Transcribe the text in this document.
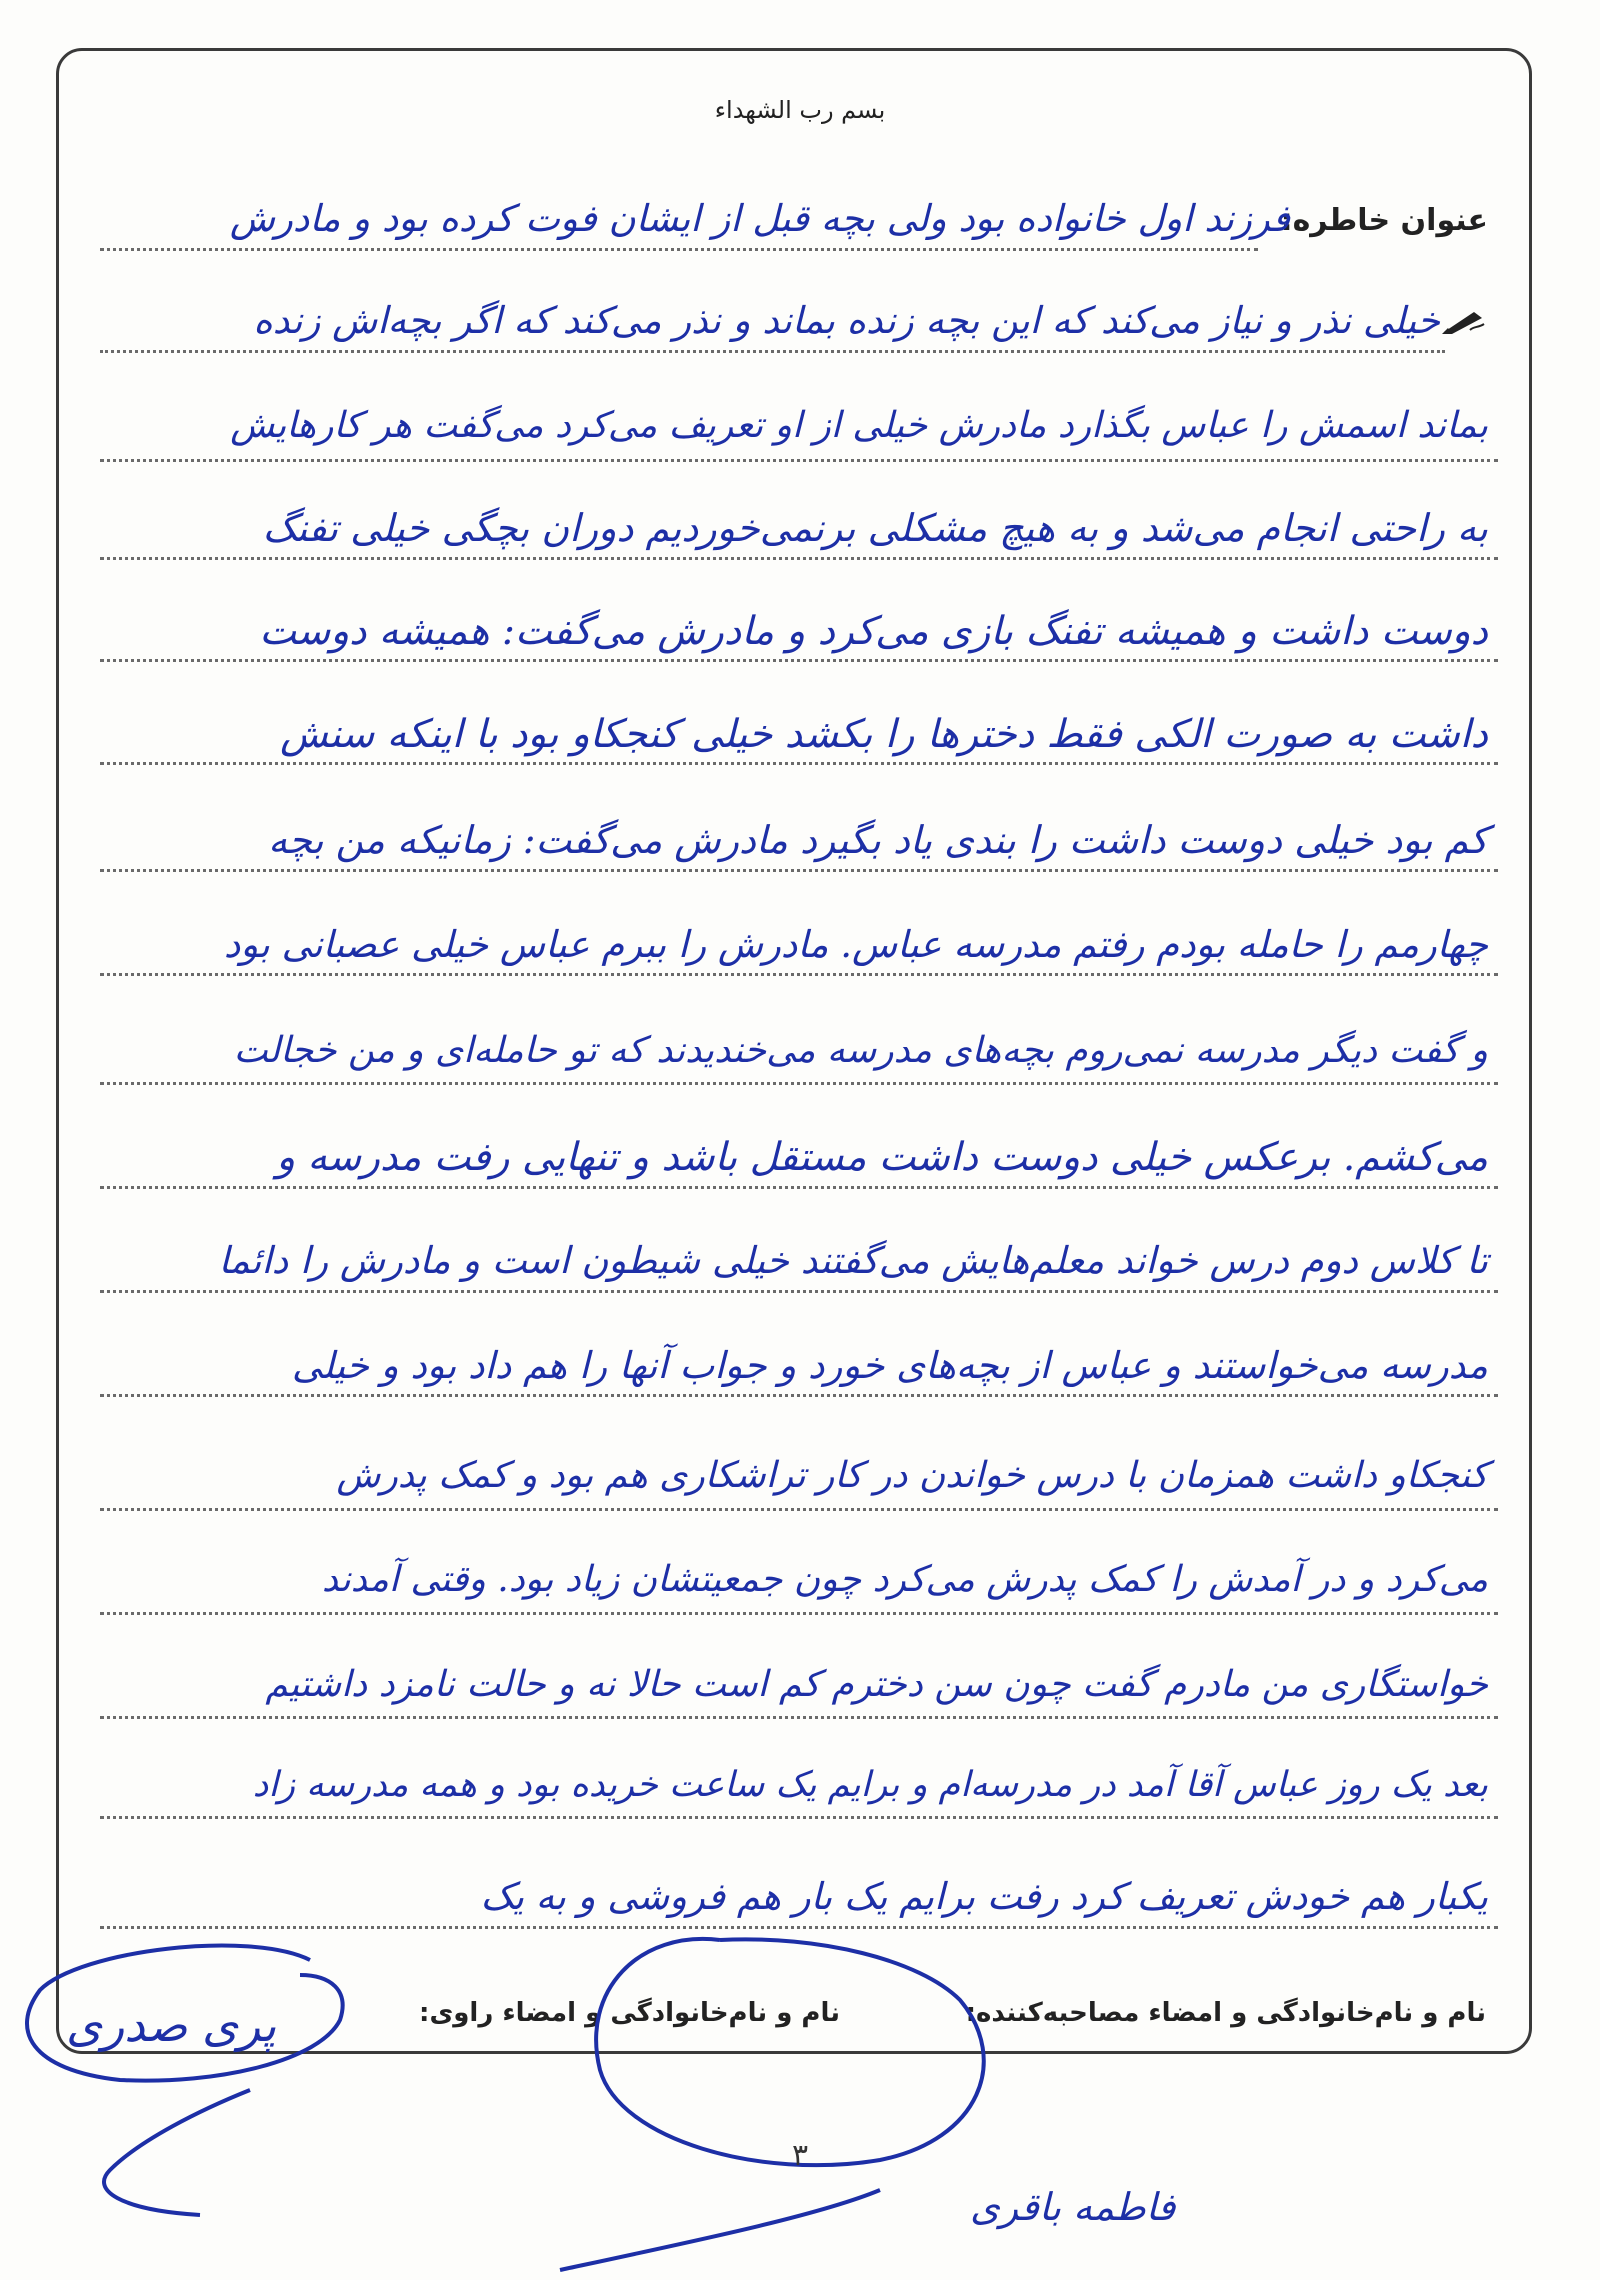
بسم رب الشهداء
عنوان خاطره:
فرزند اول خانواده بود ولی بچه قبل از ایشان فوت کرده بود و مادرش
خیلی نذر و نیاز می‌کند که این بچه زنده بماند و نذر می‌کند که اگر بچه‌اش زنده
بماند اسمش را عباس بگذارد مادرش خیلی از او تعریف می‌کرد می‌گفت هر کارهایش
به راحتی انجام می‌شد و به هیچ مشکلی برنمی‌خوردیم دوران بچگی خیلی تفنگ
دوست داشت و همیشه تفنگ بازی می‌کرد و مادرش می‌گفت: همیشه دوست
داشت به صورت الکی فقط دخترها را بکشد خیلی کنجکاو بود با اینکه سنش
کم بود خیلی دوست داشت را بندی یاد بگیرد مادرش می‌گفت: زمانیکه من بچه
چهارمم را حامله بودم رفتم مدرسه عباس. مادرش را ببرم عباس خیلی عصبانی بود
و گفت دیگر مدرسه نمی‌روم بچه‌های مدرسه می‌خندیدند که تو حامله‌ای و من خجالت
می‌کشم. برعکس خیلی دوست داشت مستقل باشد و تنهایی رفت مدرسه و
تا کلاس دوم درس خواند معلم‌هایش می‌گفتند خیلی شیطون است و مادرش را دائما
مدرسه می‌خواستند و عباس از بچه‌های خورد و جواب آنها را هم داد بود و خیلی
کنجکاو داشت همزمان با درس خواندن در کار تراشکاری هم بود و کمک پدرش
می‌کرد و در آمدش را کمک پدرش می‌کرد چون جمعیتشان زیاد بود. وقتی آمدند
خواستگاری من مادرم گفت چون سن دخترم کم است حالا نه و حالت نامزد داشتیم
بعد یک روز عباس آقا آمد در مدرسه‌ام و برایم یک ساعت خریده بود و همه مدرسه زاد
یکبار هم خودش تعریف کرد رفت برایم یک بار هم فروشی و به یک
نام و نام‌خانوادگی و امضاء مصاحبه‌کننده:
نام و نام‌خانوادگی و امضاء راوی:
پری صدری
فاطمه باقری
۳
